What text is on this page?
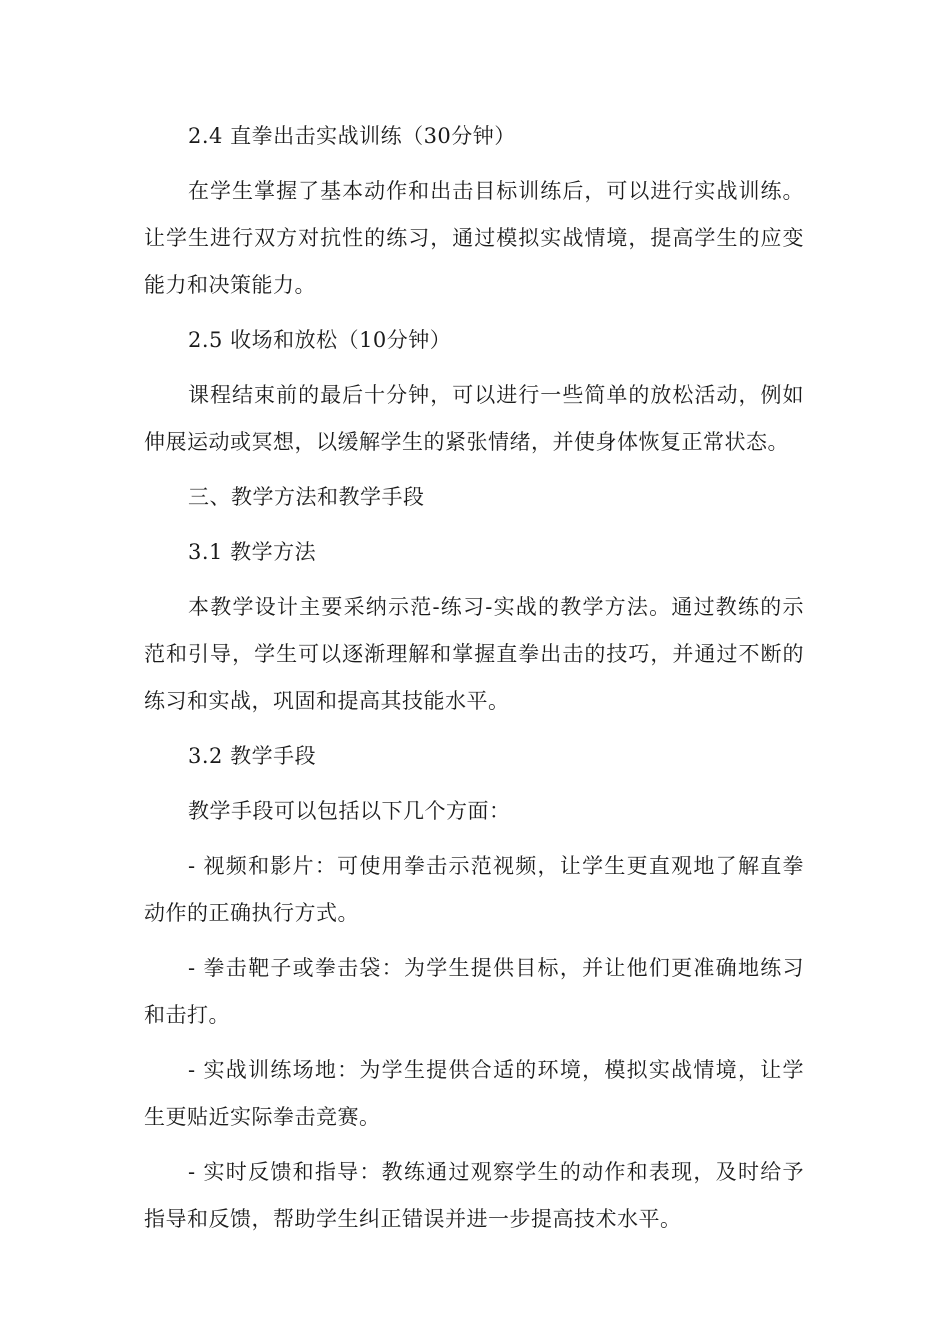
2.4 直拳出击实战训练（30分钟）

在学生掌握了基本动作和出击目标训练后，可以进行实战训练。让学生进行双方对抗性的练习，通过模拟实战情境，提高学生的应变能力和决策能力。

2.5 收场和放松（10分钟）

课程结束前的最后十分钟，可以进行一些简单的放松活动，例如伸展运动或冥想，以缓解学生的紧张情绪，并使身体恢复正常状态。

三、教学方法和教学手段

3.1 教学方法

本教学设计主要采纳示范-练习-实战的教学方法。通过教练的示范和引导，学生可以逐渐理解和掌握直拳出击的技巧，并通过不断的练习和实战，巩固和提高其技能水平。

3.2 教学手段

教学手段可以包括以下几个方面：

- 视频和影片：可使用拳击示范视频，让学生更直观地了解直拳动作的正确执行方式。

- 拳击靶子或拳击袋：为学生提供目标，并让他们更准确地练习和击打。

- 实战训练场地：为学生提供合适的环境，模拟实战情境，让学生更贴近实际拳击竞赛。

- 实时反馈和指导：教练通过观察学生的动作和表现，及时给予指导和反馈，帮助学生纠正错误并进一步提高技术水平。
